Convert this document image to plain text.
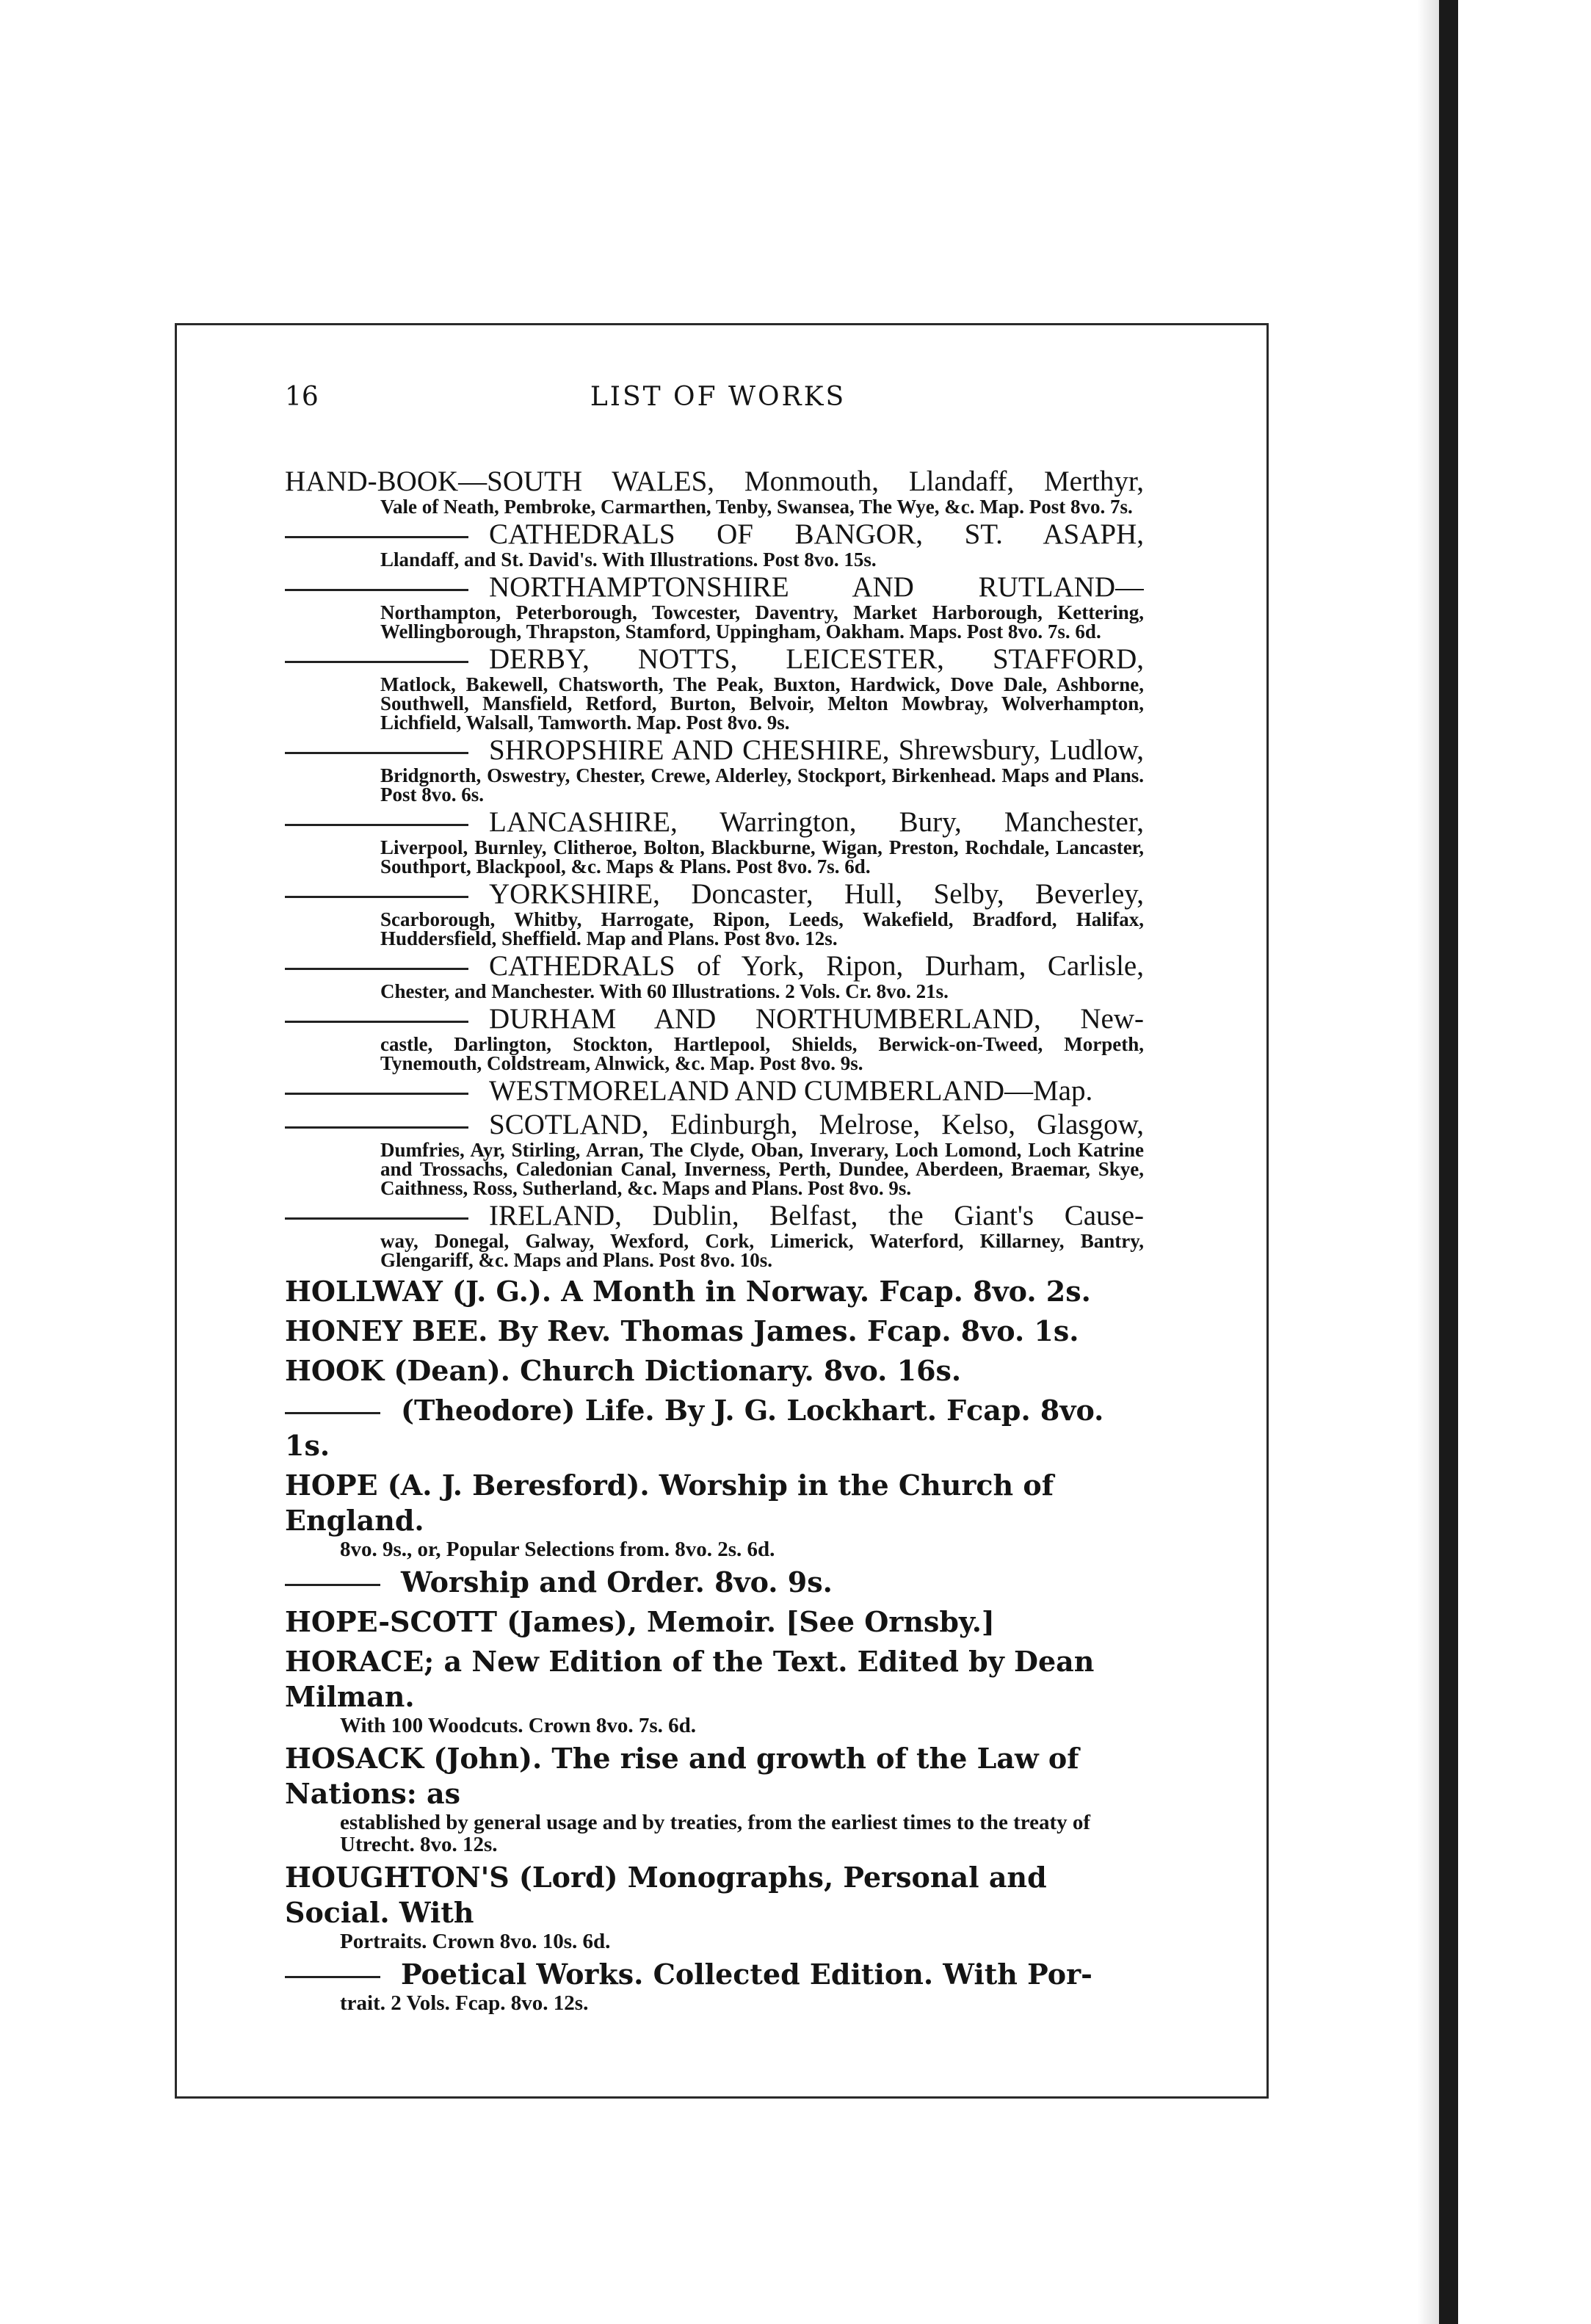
16	LIST OF WORKS
HAND-BOOK—SOUTH WALES, Monmouth, Llandaff, Merthyr,
Vale of Neath, Pembroke, Carmarthen, Tenby, Swansea, The Wye, &c. Map. Post 8vo. 7s.
CATHEDRALS OF BANGOR, ST. ASAPH,
Llandaff, and St. David's. With Illustrations. Post 8vo. 15s.
NORTHAMPTONSHIRE AND RUTLAND—
Northampton, Peterborough, Towcester, Daventry, Market Harborough, Kettering, Wellingborough, Thrapston, Stamford, Uppingham, Oakham. Maps. Post 8vo. 7s. 6d.
DERBY, NOTTS, LEICESTER, STAFFORD,
Matlock, Bakewell, Chatsworth, The Peak, Buxton, Hardwick, Dove Dale, Ashborne, Southwell, Mansfield, Retford, Burton, Belvoir, Melton Mowbray, Wolverhampton, Lichfield, Walsall, Tamworth. Map. Post 8vo. 9s.
SHROPSHIRE AND CHESHIRE, Shrewsbury, Ludlow,
Bridgnorth, Oswestry, Chester, Crewe, Alderley, Stockport, Birkenhead. Maps and Plans. Post 8vo. 6s.
LANCASHIRE, Warrington, Bury, Manchester,
Liverpool, Burnley, Clitheroe, Bolton, Blackburne, Wigan, Preston, Rochdale, Lancaster, Southport, Blackpool, &c. Maps & Plans. Post 8vo. 7s. 6d.
YORKSHIRE, Doncaster, Hull, Selby, Beverley,
Scarborough, Whitby, Harrogate, Ripon, Leeds, Wakefield, Bradford, Halifax, Huddersfield, Sheffield. Map and Plans. Post 8vo. 12s.
CATHEDRALS of York, Ripon, Durham, Carlisle,
Chester, and Manchester. With 60 Illustrations. 2 Vols. Cr. 8vo. 21s.
DURHAM AND NORTHUMBERLAND, New-
castle, Darlington, Stockton, Hartlepool, Shields, Berwick-on-Tweed, Morpeth, Tynemouth, Coldstream, Alnwick, &c. Map. Post 8vo. 9s.
WESTMORELAND AND CUMBERLAND—Map.
SCOTLAND, Edinburgh, Melrose, Kelso, Glasgow,
Dumfries, Ayr, Stirling, Arran, The Clyde, Oban, Inverary, Loch Lomond, Loch Katrine and Trossachs, Caledonian Canal, Inverness, Perth, Dundee, Aberdeen, Braemar, Skye, Caithness, Ross, Sutherland, &c. Maps and Plans. Post 8vo. 9s.
IRELAND, Dublin, Belfast, the Giant's Cause-
way, Donegal, Galway, Wexford, Cork, Limerick, Waterford, Killarney, Bantry, Glengariff, &c. Maps and Plans. Post 8vo. 10s.
HOLLWAY (J. G.). A Month in Norway. Fcap. 8vo. 2s.
HONEY BEE. By Rev. Thomas James. Fcap. 8vo. 1s.
HOOK (Dean). Church Dictionary. 8vo. 16s.
(Theodore) Life. By J. G. Lockhart. Fcap. 8vo. 1s.
HOPE (A. J. Beresford). Worship in the Church of England.
8vo. 9s., or, Popular Selections from. 8vo. 2s. 6d.
Worship and Order. 8vo. 9s.
HOPE-SCOTT (James), Memoir. [See Ornsby.]
HORACE; a New Edition of the Text. Edited by Dean Milman.
With 100 Woodcuts. Crown 8vo. 7s. 6d.
HOSACK (John). The rise and growth of the Law of Nations: as
established by general usage and by treaties, from the earliest times to the treaty of Utrecht. 8vo. 12s.
HOUGHTON'S (Lord) Monographs, Personal and Social. With
Portraits. Crown 8vo. 10s. 6d.
Poetical Works. Collected Edition. With Por-
trait. 2 Vols. Fcap. 8vo. 12s.
